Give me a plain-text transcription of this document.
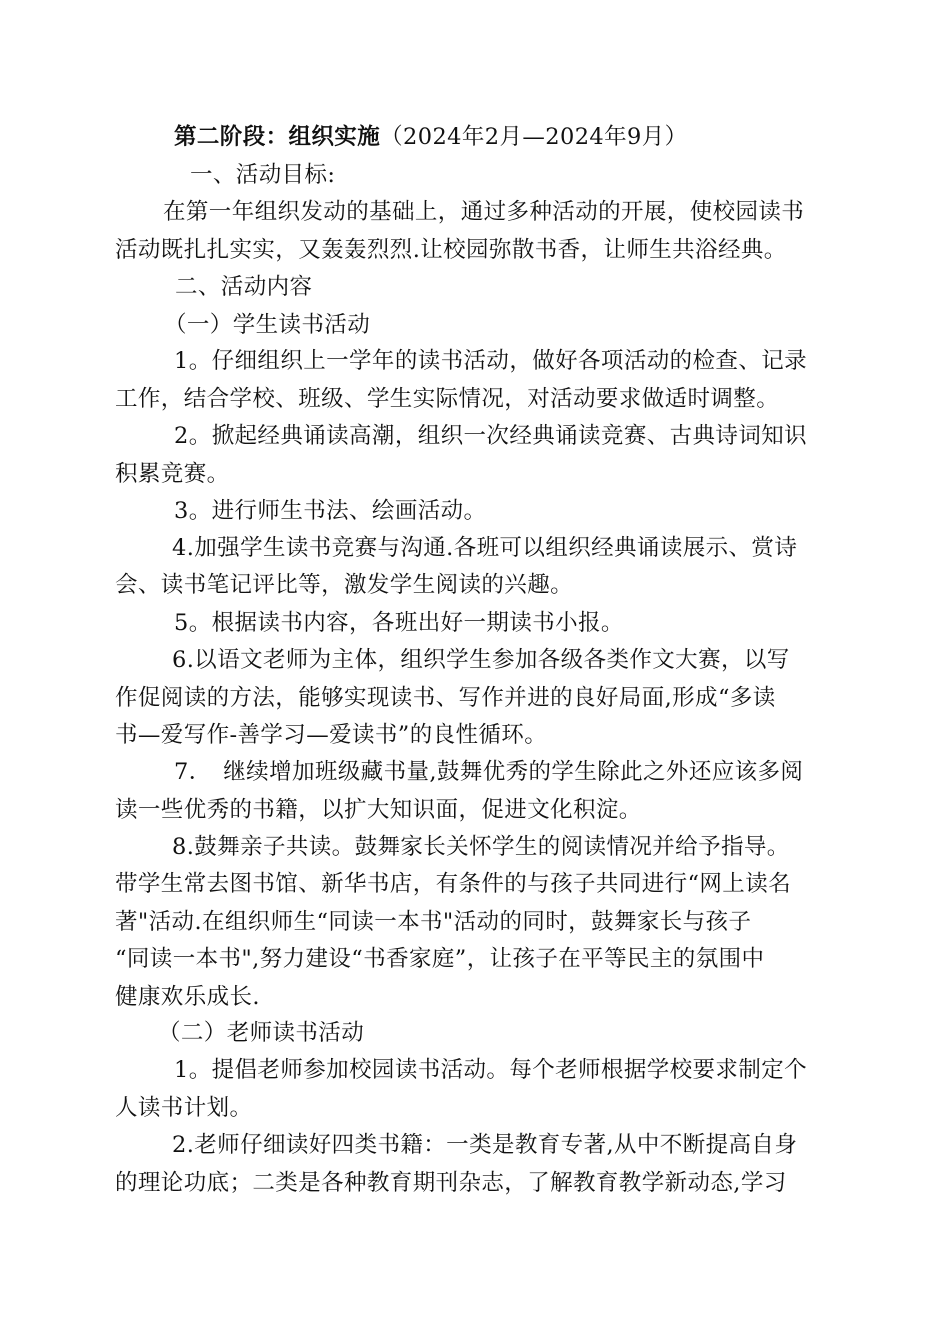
第二阶段：组织实施（2024年2月—2024年9月）
一、活动目标:
在第一年组织发动的基础上，通过多种活动的开展，使校园读书
活动既扎扎实实，又轰轰烈烈.让校园弥散书香，让师生共浴经典。
二、活动内容
（一）学生读书活动
1。仔细组织上一学年的读书活动，做好各项活动的检查、记录
工作，结合学校、班级、学生实际情况，对活动要求做适时调整。
2。掀起经典诵读高潮，组织一次经典诵读竞赛、古典诗词知识
积累竞赛。
3。进行师生书法、绘画活动。
4.加强学生读书竞赛与沟通.各班可以组织经典诵读展示、赏诗
会、读书笔记评比等，激发学生阅读的兴趣。
5。根据读书内容，各班出好一期读书小报。
6.以语文老师为主体，组织学生参加各级各类作文大赛，以写
作促阅读的方法，能够实现读书、写作并进的良好局面,形成“多读
书—爱写作-善学习—爱读书”的良性循环。
7．　继续增加班级藏书量,鼓舞优秀的学生除此之外还应该多阅
读一些优秀的书籍，以扩大知识面，促进文化积淀。
8.鼓舞亲子共读。鼓舞家长关怀学生的阅读情况并给予指导。
带学生常去图书馆、新华书店，有条件的与孩子共同进行“网上读名
著"活动.在组织师生“同读一本书"活动的同时，鼓舞家长与孩子
“同读一本书",努力建设“书香家庭”，让孩子在平等民主的氛围中
健康欢乐成长.
（二）老师读书活动
1。提倡老师参加校园读书活动。每个老师根据学校要求制定个
人读书计划。
2.老师仔细读好四类书籍：一类是教育专著,从中不断提高自身
的理论功底；二类是各种教育期刊杂志，了解教育教学新动态,学习
